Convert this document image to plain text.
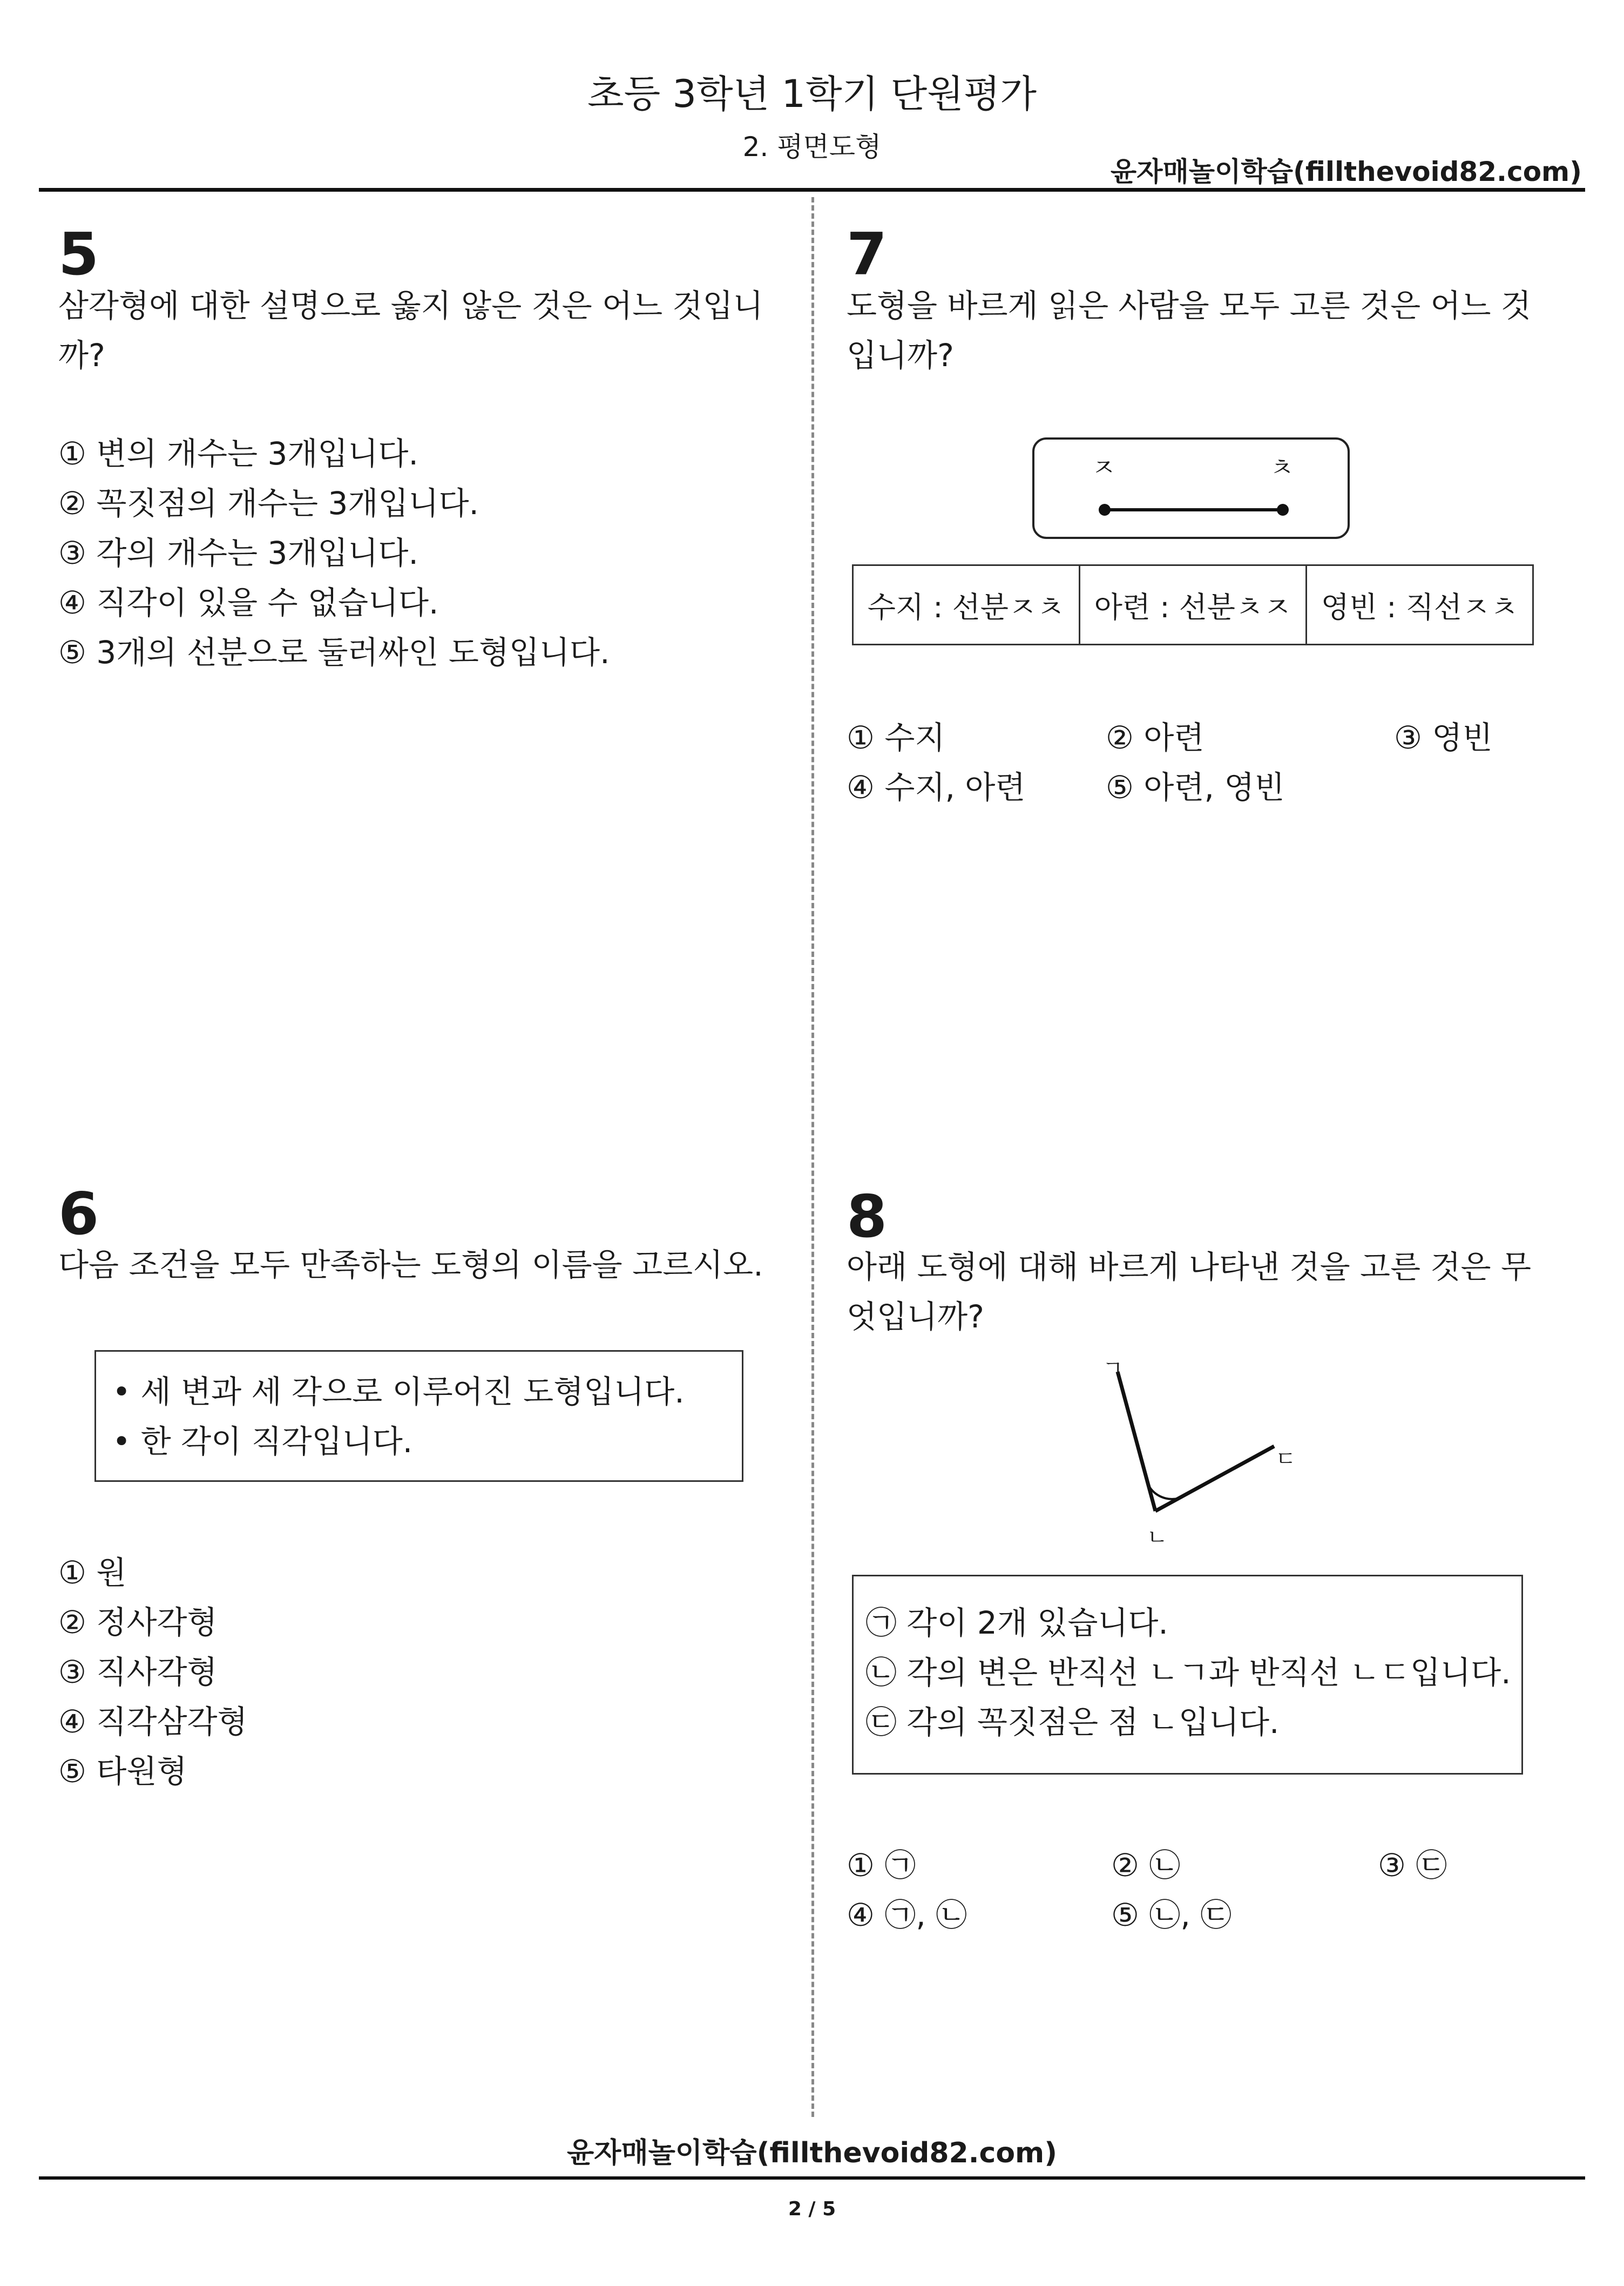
초등 3학년 1학기 단원평가
2. 평면도형
윤자매놀이학습(fillthevoid82.com)
5
삼각형에 대한 설명으로 옳지 않은 것은 어느 것입니
까?
① 변의 개수는 3개입니다.
② 꼭짓점의 개수는 3개입니다.
③ 각의 개수는 3개입니다.
④ 직각이 있을 수 없습니다.
⑤ 3개의 선분으로 둘러싸인 도형입니다.
6
다음 조건을 모두 만족하는 도형의 이름을 고르시오.
• 세 변과 세 각으로 이루어진 도형입니다.
• 한 각이 직각입니다.
① 원
② 정사각형
③ 직사각형
④ 직각삼각형
⑤ 타원형
7
도형을 바르게 읽은 사람을 모두 고른 것은 어느 것
입니까?
ㅈ	ㅊ
수지 : 선분ㅈㅊ	아련 : 선분ㅊㅈ	영빈 : 직선ㅈㅊ
① 수지	② 아련	③ 영빈
④ 수지, 아련	⑤ 아련, 영빈
8
아래 도형에 대해 바르게 나타낸 것을 고른 것은 무
엇입니까?
ㄱ
ㄴ
ㄷ
㉠ 각이 2개 있습니다.
㉡ 각의 변은 반직선 ㄴㄱ과 반직선 ㄴㄷ입니다.
㉢ 각의 꼭짓점은 점 ㄴ입니다.
① ㉠	② ㉡	③ ㉢
④ ㉠, ㉡	⑤ ㉡, ㉢
윤자매놀이학습(fillthevoid82.com)
2 / 5
